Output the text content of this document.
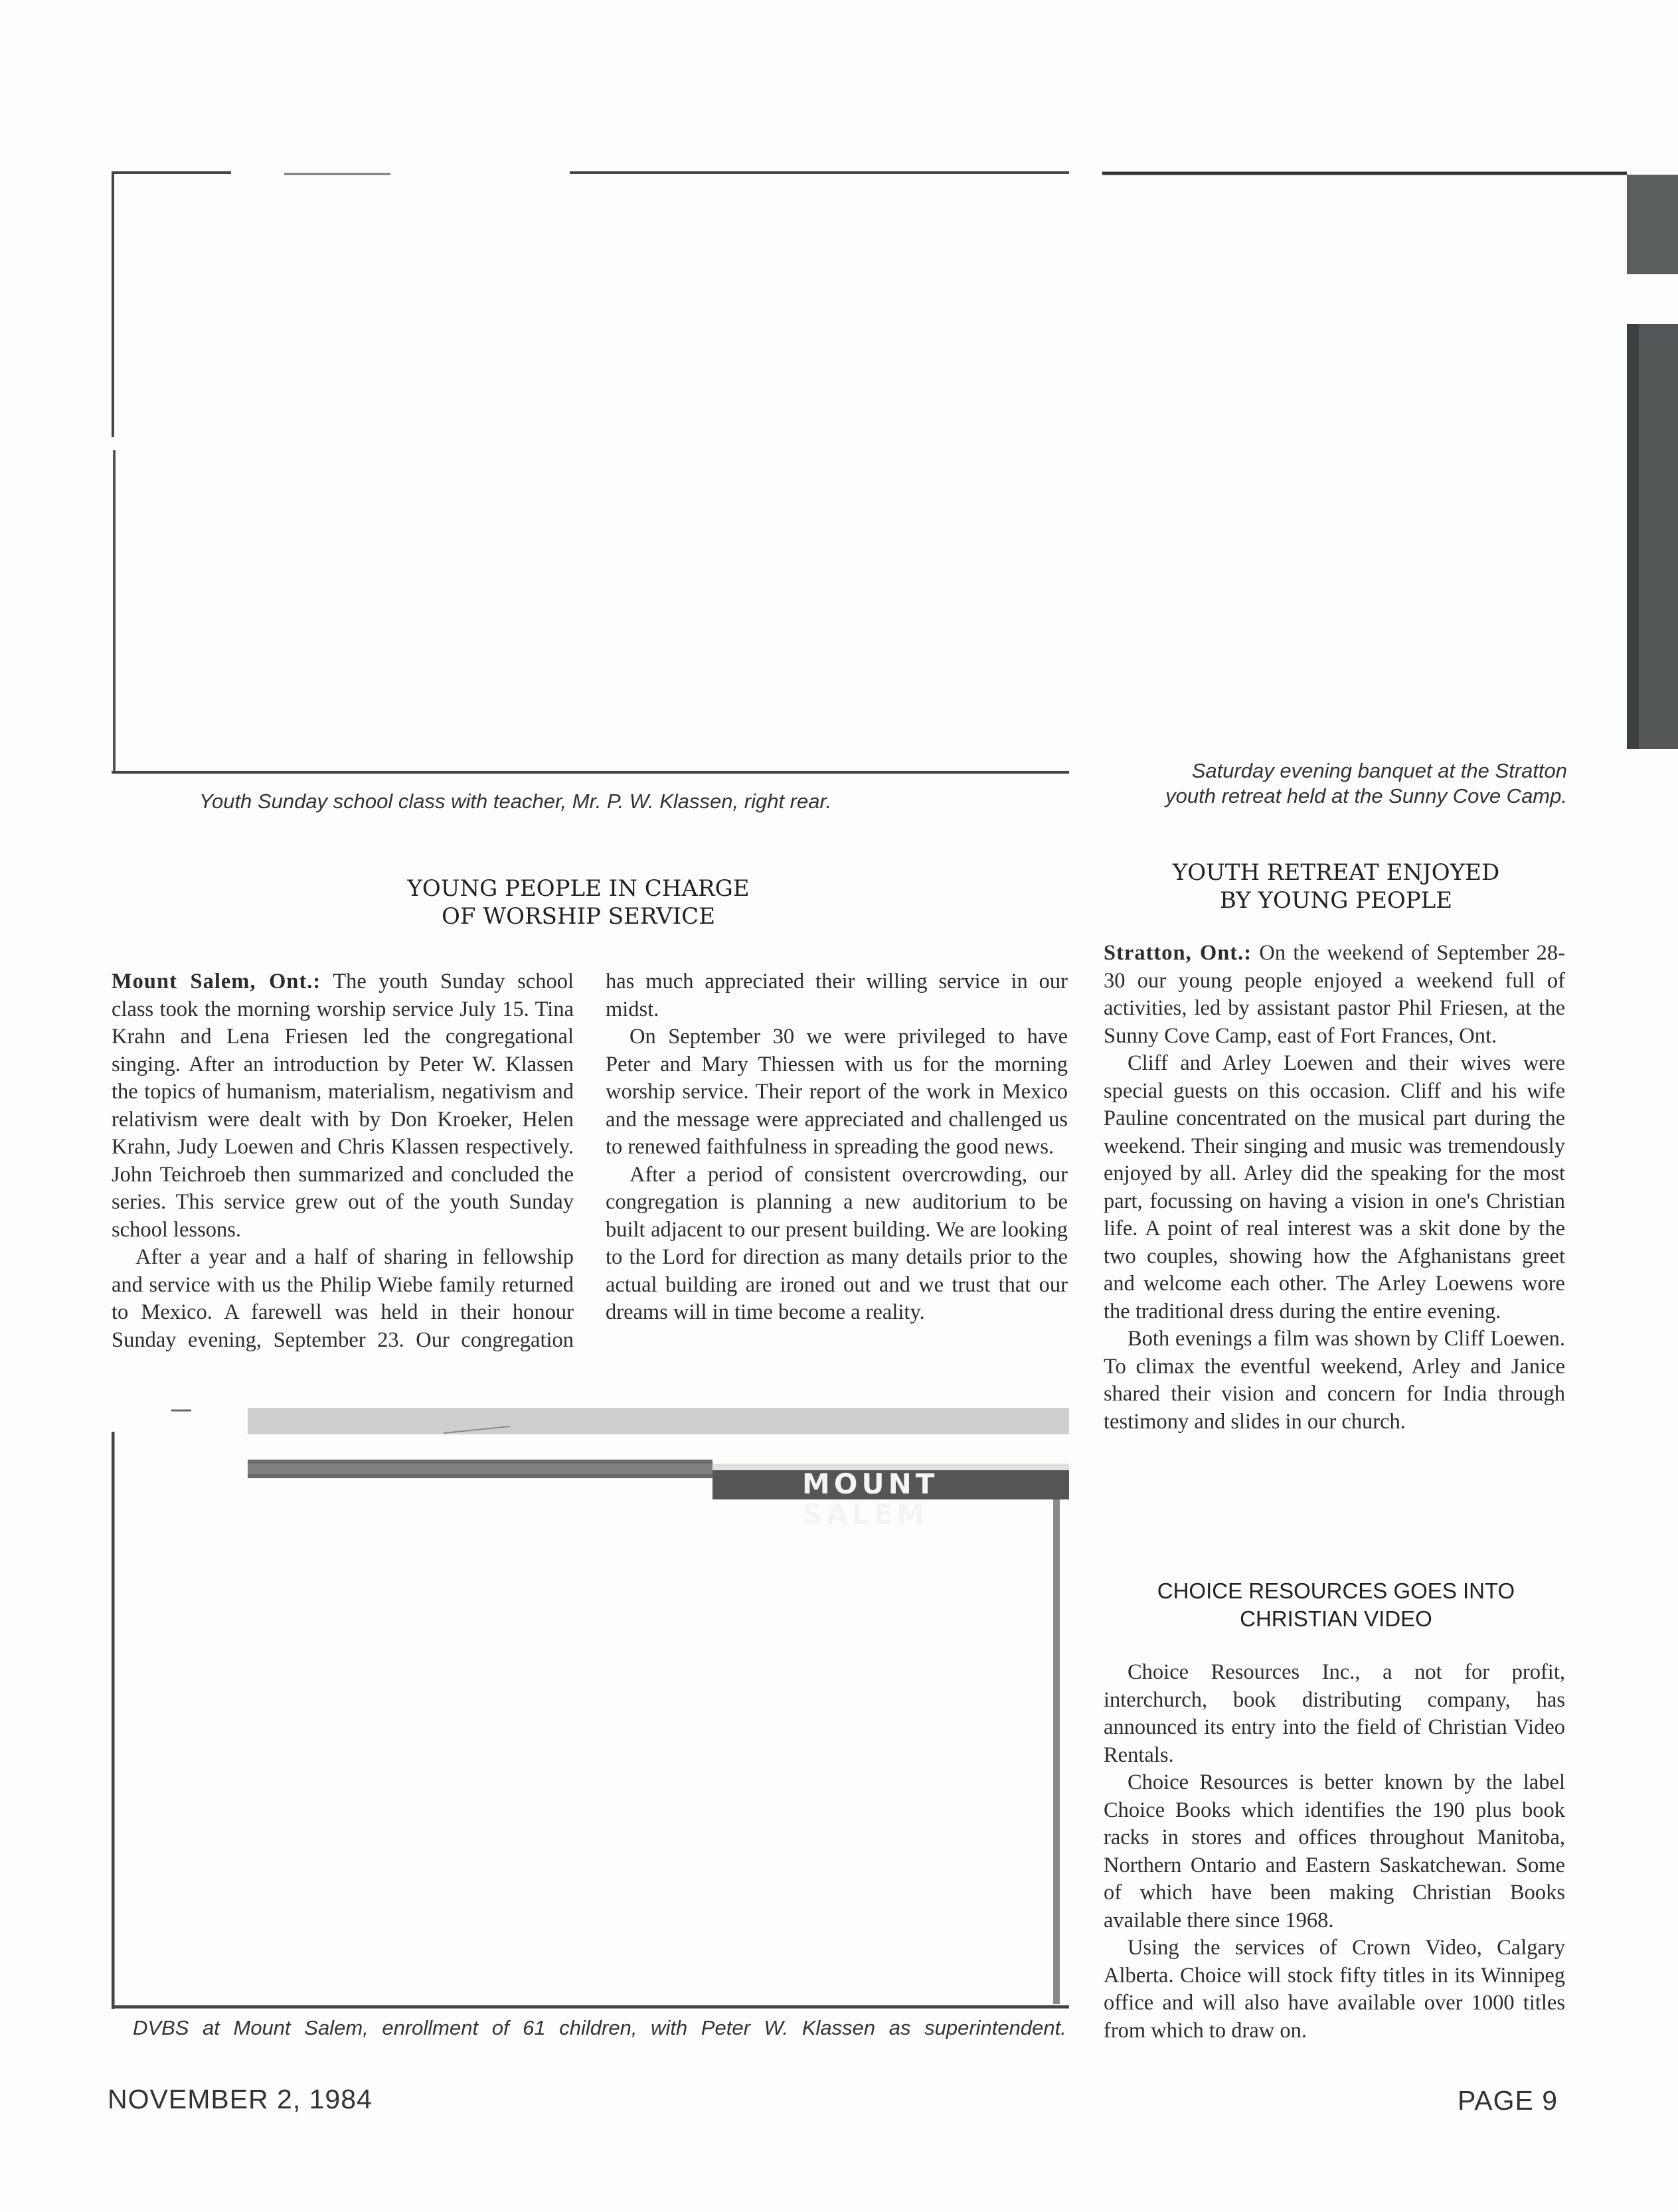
Youth Sunday school class with teacher, Mr. P. W. Klassen, right rear.
Saturday evening banquet at the Stratton
youth retreat held at the Sunny Cove Camp.
YOUNG PEOPLE IN CHARGE
OF WORSHIP SERVICE

Mount Salem, Ont.: The youth Sunday school class took the morning worship service July 15. Tina Krahn and Lena Friesen led the congregational singing. After an introduction by Peter W. Klassen the topics of humanism, materialism, negativism and relativism were dealt with by Don Kroeker, Helen Krahn, Judy Loewen and Chris Klassen respectively. John Teichroeb then summarized and concluded the series. This service grew out of the youth Sunday school lessons.

After a year and a half of sharing in fellowship and service with us the Philip Wiebe family returned to Mexico. A farewell was held in their honour Sunday evening, September 23. Our congregation has much appreciated their willing service in our midst.

On September 30 we were privileged to have Peter and Mary Thiessen with us for the morning worship service. Their report of the work in Mexico and the message were appreciated and challenged us to renewed faithfulness in spreading the good news.

After a period of consistent overcrowding, our congregation is planning a new auditorium to be built adjacent to our present building. We are looking to the Lord for direction as many details prior to the actual building are ironed out and we trust that our dreams will in time become a reality.

MOUNT SALEM
DVBS at Mount Salem, enrollment of 61 children, with Peter W. Klassen as superintendent.
NOVEMBER 2, 1984
YOUTH RETREAT ENJOYED
BY YOUNG PEOPLE

Stratton, Ont.: On the weekend of September 28-30 our young people enjoyed a weekend full of activities, led by assistant pastor Phil Friesen, at the Sunny Cove Camp, east of Fort Frances, Ont.

Cliff and Arley Loewen and their wives were special guests on this occasion. Cliff and his wife Pauline concentrated on the musical part during the weekend. Their singing and music was tremendously enjoyed by all. Arley did the speaking for the most part, focussing on having a vision in one's Christian life. A point of real interest was a skit done by the two couples, showing how the Afghanistans greet and welcome each other. The Arley Loewens wore the traditional dress during the entire evening.

Both evenings a film was shown by Cliff Loewen. To climax the eventful weekend, Arley and Janice shared their vision and concern for India through testimony and slides in our church.

CHOICE RESOURCES GOES INTO
CHRISTIAN VIDEO

Choice Resources Inc., a not for profit, interchurch, book distributing company, has announced its entry into the field of Christian Video Rentals.

Choice Resources is better known by the label Choice Books which identifies the 190 plus book racks in stores and offices throughout Manitoba, Northern Ontario and Eastern Saskatchewan. Some of which have been making Christian Books available there since 1968.

Using the services of Crown Video, Calgary Alberta. Choice will stock fifty titles in its Winnipeg office and will also have available over 1000 titles from which to draw on.

PAGE 9
